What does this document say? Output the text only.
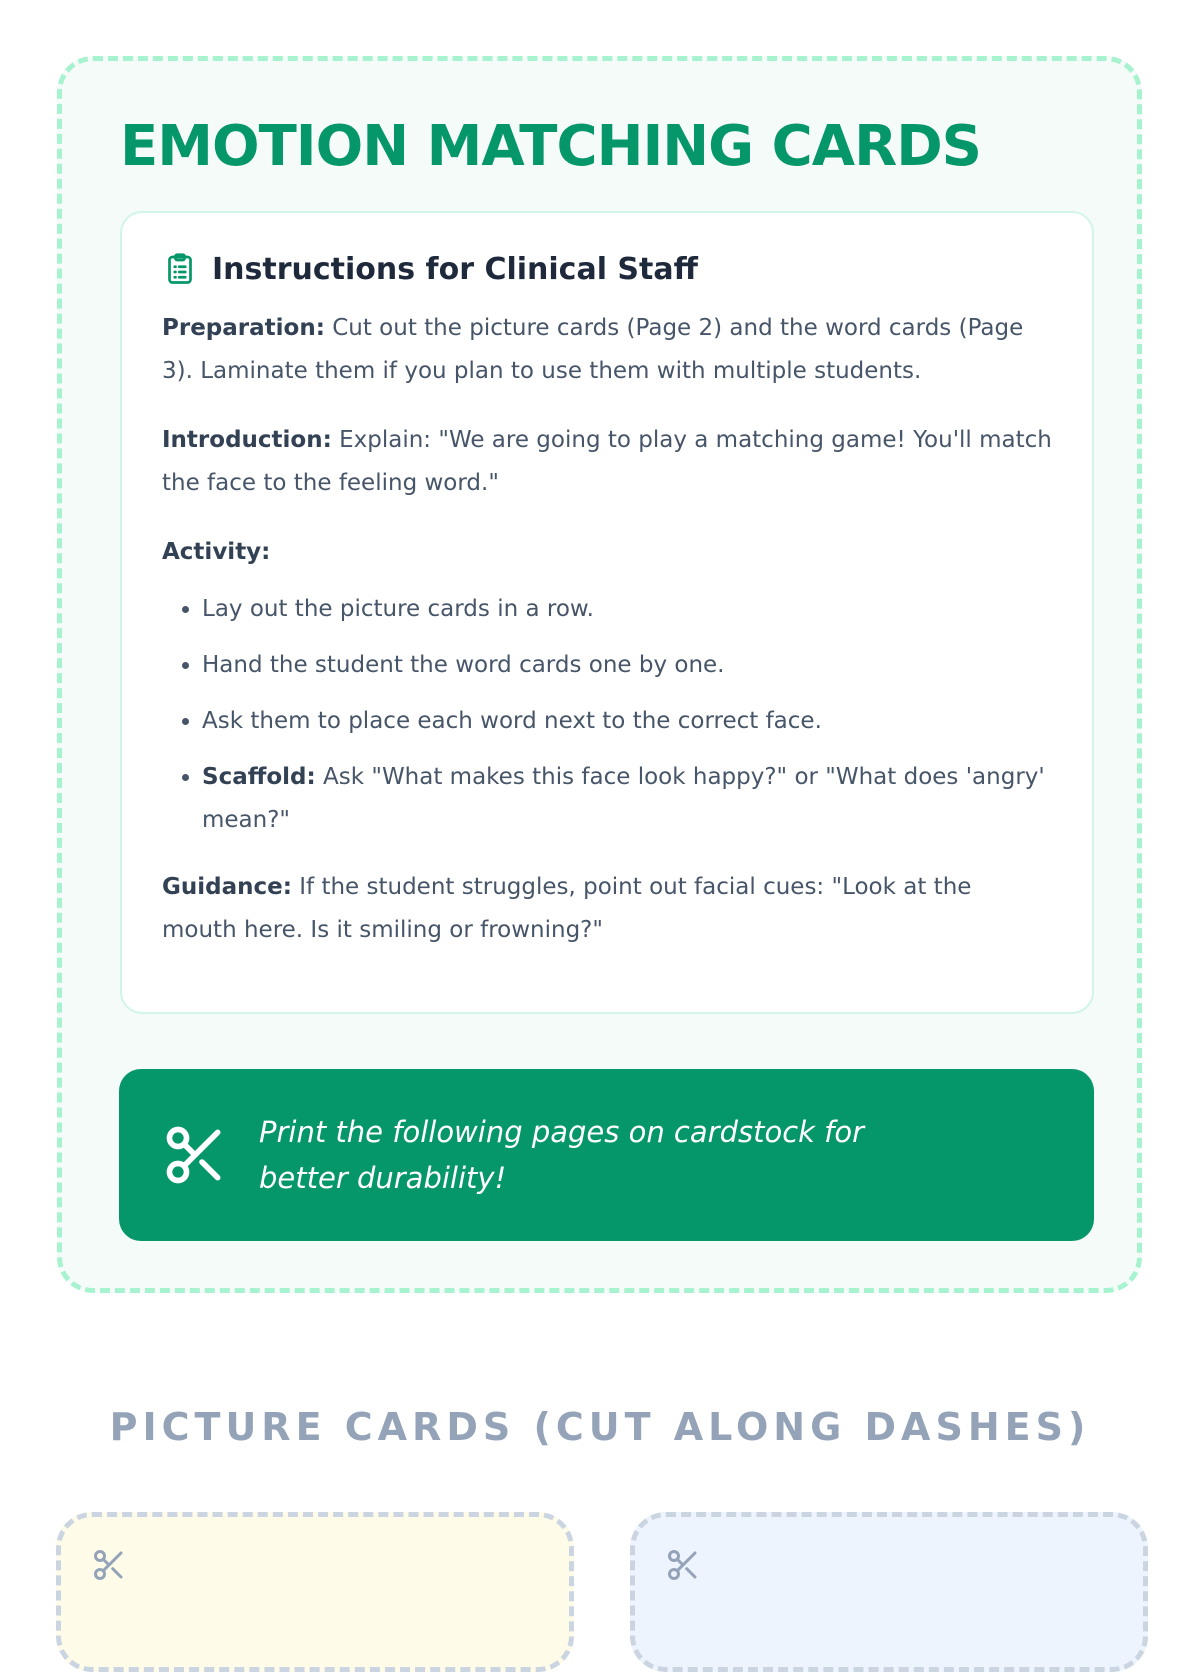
EMOTION MATCHING CARDS
Instructions for Clinical Staff

Preparation: Cut out the picture cards (Page 2) and the word cards (Page 3). Laminate them if you plan to use them with multiple students.

Introduction: Explain: "We are going to play a matching game! You'll match the face to the feeling word."

Activity:

• Lay out the picture cards in a row.
• Hand the student the word cards one by one.
• Ask them to place each word next to the correct face.
• Scaffold: Ask "What makes this face look happy?" or "What does 'angry' mean?"

Guidance: If the student struggles, point out facial cues: "Look at the mouth here. Is it smiling or frowning?"

Print the following pages on cardstock for better durability!
PICTURE CARDS (CUT ALONG DASHES)
